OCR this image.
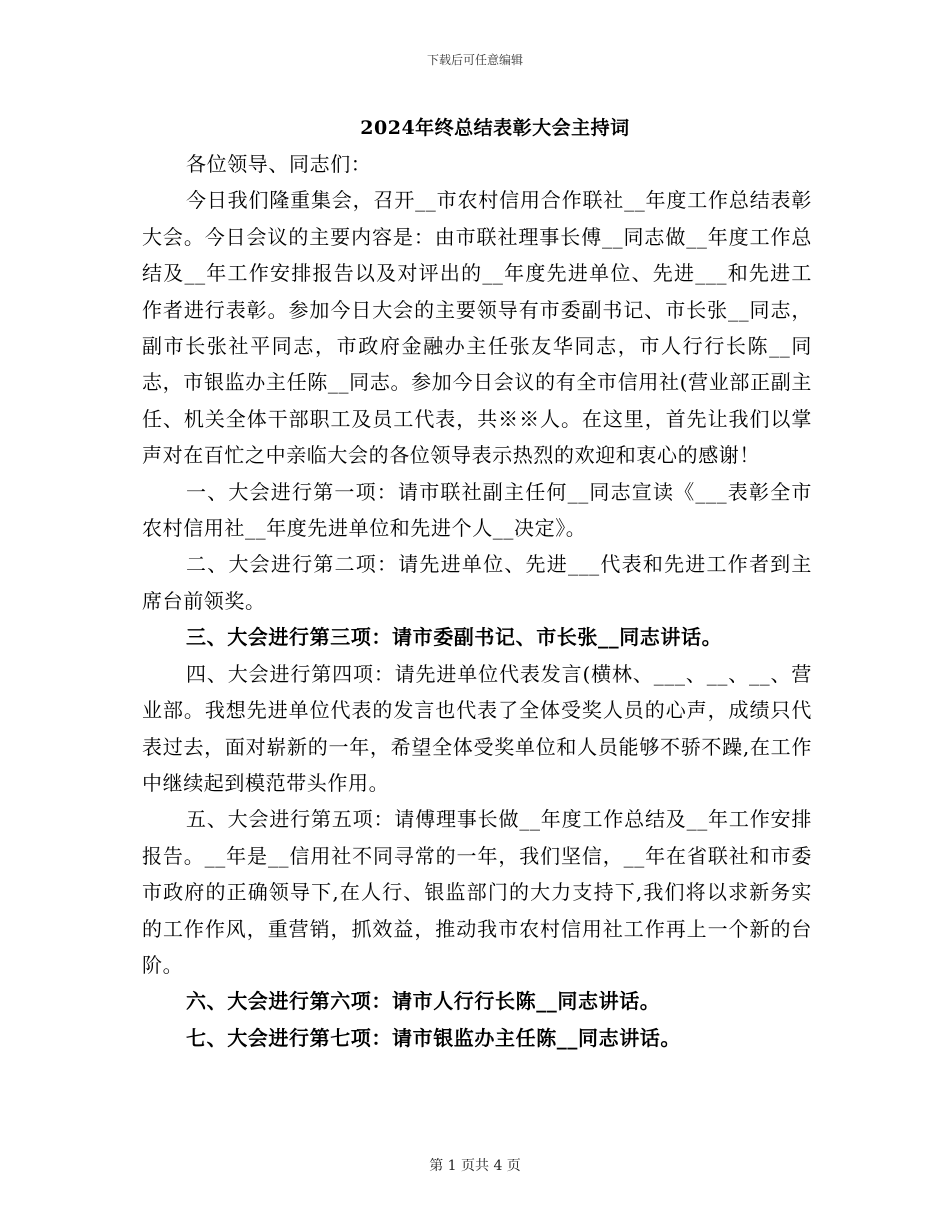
下载后可任意编辑
2024年终总结表彰大会主持词

各位领导、同志们：

今日我们隆重集会，召开__市农村信用合作联社__年度工作总结表彰大会。今日会议的主要内容是：由市联社理事长傅__同志做__年度工作总结及__年工作安排报告以及对评出的__年度先进单位、先进___和先进工作者进行表彰。参加今日大会的主要领导有市委副书记、市长张__同志，副市长张社平同志，市政府金融办主任张友华同志，市人行行长陈__同志，市银监办主任陈__同志。参加今日会议的有全市信用社(营业部正副主任、机关全体干部职工及员工代表，共※※人。在这里，首先让我们以掌声对在百忙之中亲临大会的各位领导表示热烈的欢迎和衷心的感谢！

一、大会进行第一项：请市联社副主任何__同志宣读《___表彰全市农村信用社__年度先进单位和先进个人__决定》。

二、大会进行第二项：请先进单位、先进___代表和先进工作者到主席台前领奖。

三、大会进行第三项：请市委副书记、市长张__同志讲话。

四、大会进行第四项：请先进单位代表发言(横林、___、__、__、营业部。我想先进单位代表的发言也代表了全体受奖人员的心声，成绩只代表过去，面对崭新的一年，希望全体受奖单位和人员能够不骄不躁,在工作中继续起到模范带头作用。

五、大会进行第五项：请傅理事长做__年度工作总结及__年工作安排报告。__年是__信用社不同寻常的一年，我们坚信，__年在省联社和市委市政府的正确领导下,在人行、银监部门的大力支持下,我们将以求新务实的工作作风，重营销，抓效益，推动我市农村信用社工作再上一个新的台阶。

六、大会进行第六项：请市人行行长陈__同志讲话。

七、大会进行第七项：请市银监办主任陈__同志讲话。

第 1 页共 4 页
